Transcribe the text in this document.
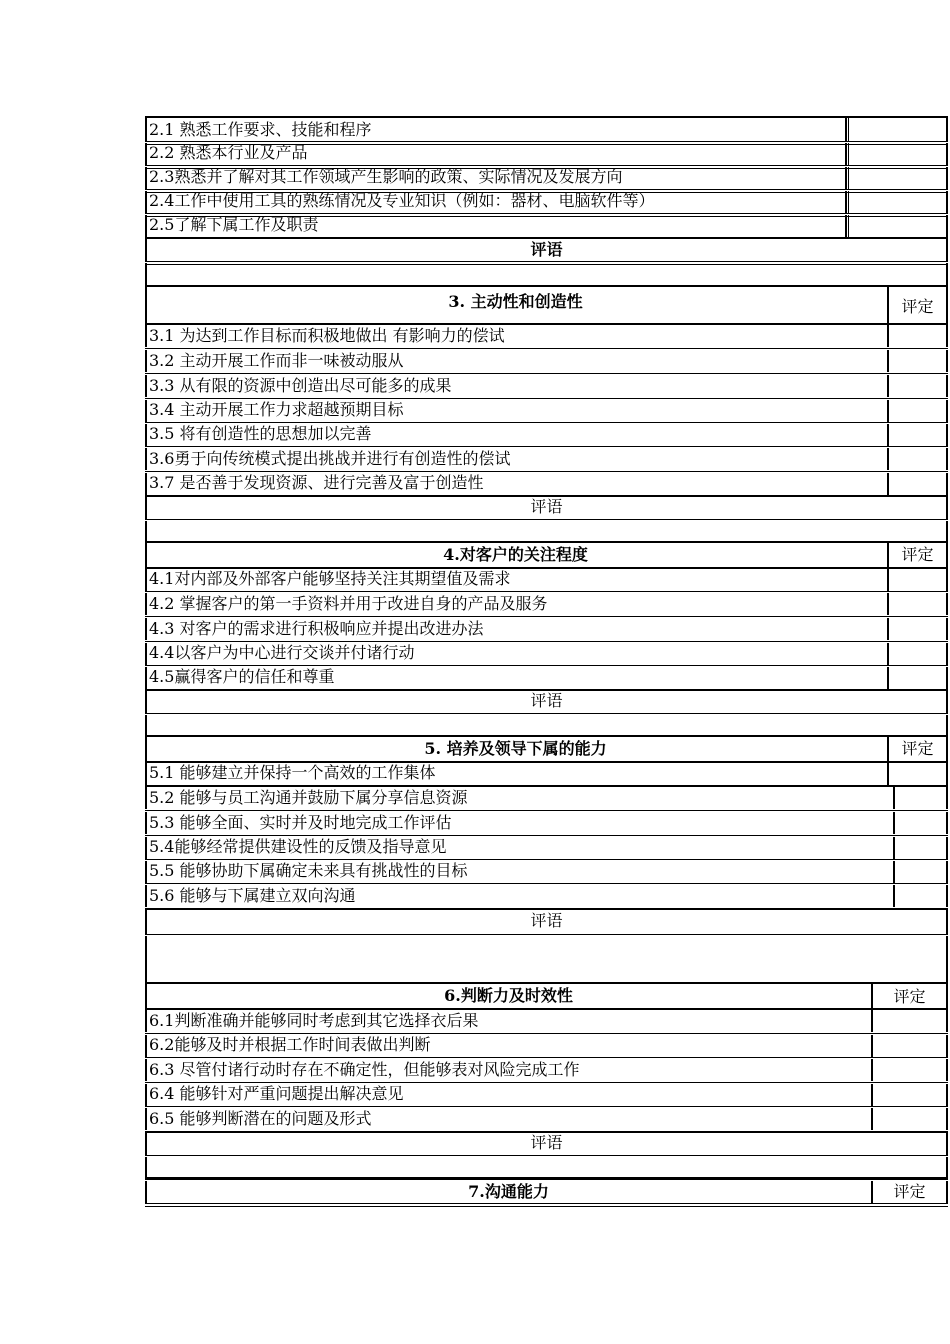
2.1 熟悉工作要求、技能和程序
2.2 熟悉本行业及产品
2.3熟悉并了解对其工作领域产生影响的政策、实际情况及发展方向
2.4工作中使用工具的熟练情况及专业知识（例如：器材、电脑软件等）
2.5了解下属工作及职责
评语
3. 主动性和创造性	评定
3.1 为达到工作目标而积极地做出 有影响力的偿试
3.2 主动开展工作而非一味被动服从
3.3 从有限的资源中创造出尽可能多的成果
3.4 主动开展工作力求超越预期目标
3.5 将有创造性的思想加以完善
3.6勇于向传统模式提出挑战并进行有创造性的偿试
3.7 是否善于发现资源、进行完善及富于创造性
评语
4.对客户的关注程度	评定
4.1对内部及外部客户能够坚持关注其期望值及需求
4.2 掌握客户的第一手资料并用于改进自身的产品及服务
4.3 对客户的需求进行积极响应并提出改进办法
4.4以客户为中心进行交谈并付诸行动
4.5赢得客户的信任和尊重
评语
5. 培养及领导下属的能力	评定
5.1 能够建立并保持一个高效的工作集体
5.2 能够与员工沟通并鼓励下属分享信息资源
5.3 能够全面、实时并及时地完成工作评估
5.4能够经常提供建设性的反馈及指导意见
5.5 能够协助下属确定未来具有挑战性的目标
5.6 能够与下属建立双向沟通
评语
6.判断力及时效性	评定
6.1判断准确并能够同时考虑到其它选择衣后果
6.2能够及时并根据工作时间表做出判断
6.3 尽管付诸行动时存在不确定性，但能够表对风险完成工作
6.4 能够针对严重问题提出解决意见
6.5 能够判断潜在的问题及形式
评语
7.沟通能力	评定
